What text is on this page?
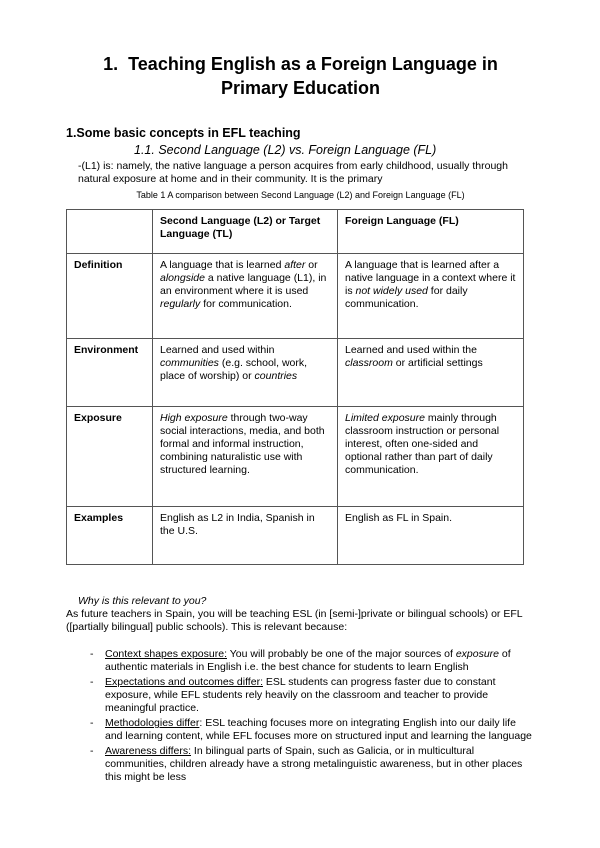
1.  Teaching English as a Foreign Language in
Primary Education
1.Some basic concepts in EFL teaching
1.1. Second Language (L2) vs. Foreign Language (FL)

-(L1) is: namely, the native language a person acquires from early childhood, usually through natural exposure at home and in their community. It is the primary

Table 1 A comparison between Second Language (L2) and Foreign Language (FL)
	Second Language (L2) or Target Language (TL)	Foreign Language (FL)
Definition	A language that is learned after or alongside a native language (L1), in an environment where it is used regularly for communication.	A language that is learned after a native language in a context where it is not widely used for daily communication.
Environment	Learned and used within communities (e.g. school, work, place of worship) or countries	Learned and used within the classroom or artificial settings
Exposure	High exposure through two-way social interactions, media, and both formal and informal instruction, combining naturalistic use with structured learning.	Limited exposure mainly through classroom instruction or personal interest, often one-sided and optional rather than part of daily communication.
Examples	English as L2 in India, Spanish in the U.S.	English as FL in Spain.

Why is this relevant to you?

As future teachers in Spain, you will be teaching ESL (in [semi-]private or bilingual schools) or EFL ([partially bilingual] public schools). This is relevant because:

-	Context shapes exposure: You will probably be one of the major sources of exposure of authentic materials in English i.e. the best chance for students to learn English
-	Expectations and outcomes differ: ESL students can progress faster due to constant exposure, while EFL students rely heavily on the classroom and teacher to provide meaningful practice.
-	Methodologies differ: ESL teaching focuses more on integrating English into our daily life and learning content, while EFL focuses more on structured input and learning the language
-	Awareness differs: In bilingual parts of Spain, such as Galicia, or in multicultural communities, children already have a strong metalinguistic awareness, but in other places this might be less
